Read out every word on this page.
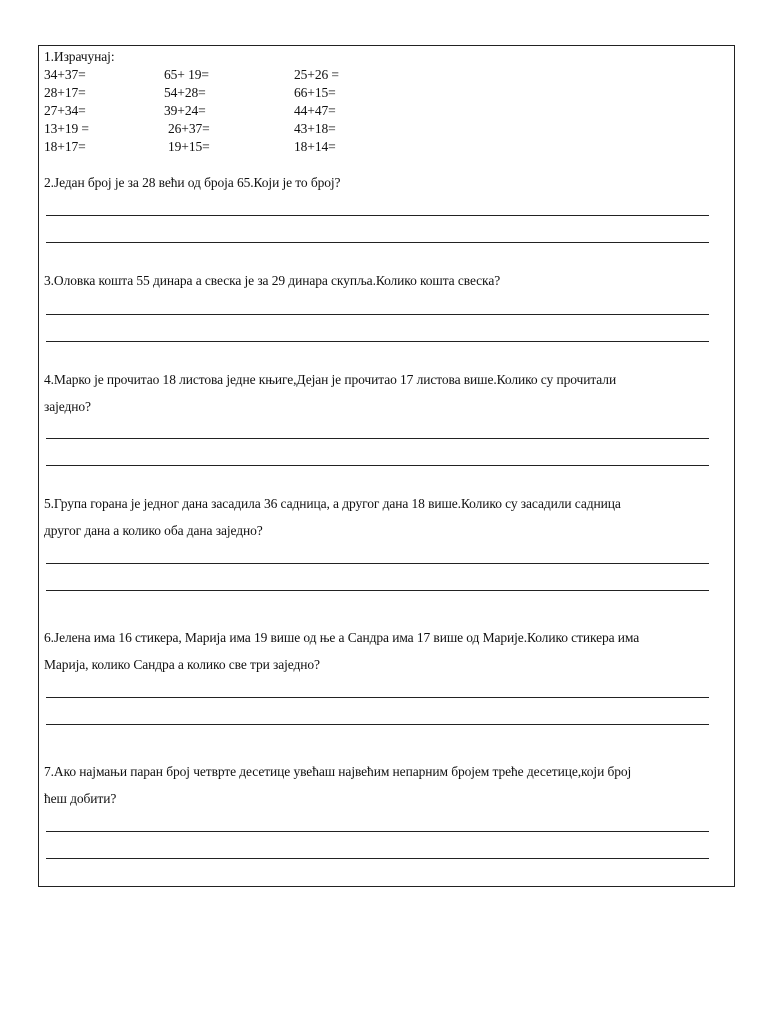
1.Израчунај:
34+37=	65+ 19=	25+26 =
28+17=	54+28=	66+15=
27+34=	39+24=	44+47=
13+19 =	26+37=	43+18=
18+17=	19+15=	18+14=
2.Један број је за 28 већи од броја 65.Који је то број?
3.Оловка кошта 55 динара а свеска је за 29 динара скупља.Колико кошта свеска?
4.Марко је прочитао 18 листова једне књиге,Дејан је прочитао 17 листова више.Колико су прочитали
заједно?
5.Група горана је једног дана засадила 36 садница, а другог дана 18 више.Колико су засадили садница
другог дана а колико оба дана заједно?
6.Јелена има 16 стикера, Марија има 19 више од ње а Сандра има 17 више од Марије.Колико стикера има
Марија, колико Сандра а колико све три заједно?
7.Ако најмањи паран број четврте десетице увећаш највећим непарним бројем треће десетице,који број
ћеш добити?
